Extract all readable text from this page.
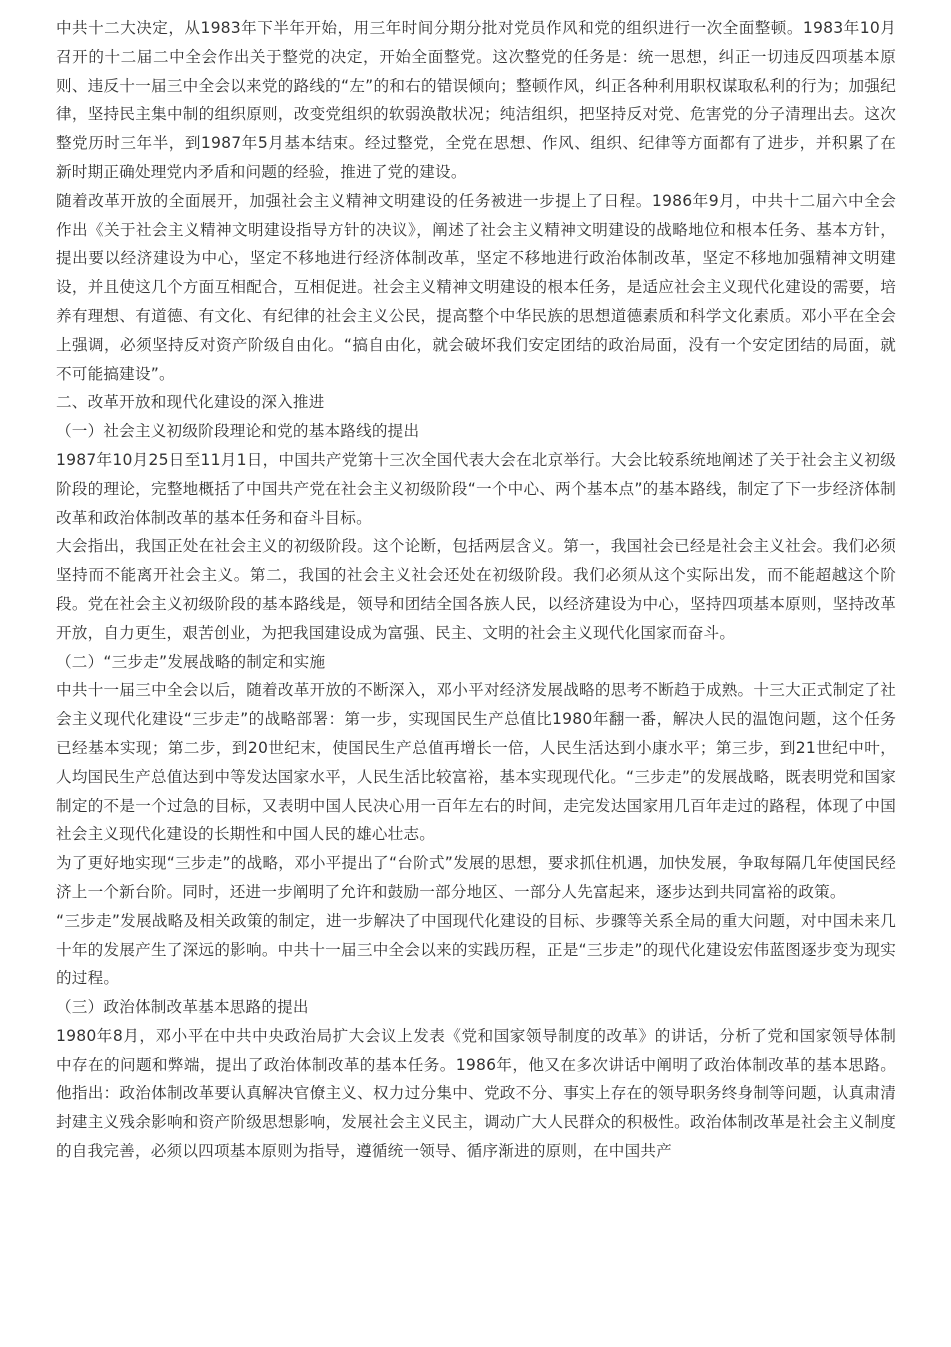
中共十二大决定，从1983年下半年开始，用三年时间分期分批对党员作风和党的组织进行一次全面整顿。1983年10月召开的十二届二中全会作出关于整党的决定，开始全面整党。这次整党的任务是：统一思想，纠正一切违反四项基本原则、违反十一届三中全会以来党的路线的“左”的和右的错误倾向；整顿作风，纠正各种利用职权谋取私利的行为；加强纪律，坚持民主集中制的组织原则，改变党组织的软弱涣散状况；纯洁组织，把坚持反对党、危害党的分子清理出去。这次整党历时三年半，到1987年5月基本结束。经过整党，全党在思想、作风、组织、纪律等方面都有了进步，并积累了在新时期正确处理党内矛盾和问题的经验，推进了党的建设。

随着改革开放的全面展开，加强社会主义精神文明建设的任务被进一步提上了日程。1986年9月，中共十二届六中全会作出《关于社会主义精神文明建设指导方针的决议》，阐述了社会主义精神文明建设的战略地位和根本任务、基本方针，提出要以经济建设为中心，坚定不移地进行经济体制改革，坚定不移地进行政治体制改革，坚定不移地加强精神文明建设，并且使这几个方面互相配合，互相促进。社会主义精神文明建设的根本任务，是适应社会主义现代化建设的需要，培养有理想、有道德、有文化、有纪律的社会主义公民，提高整个中华民族的思想道德素质和科学文化素质。邓小平在全会上强调，必须坚持反对资产阶级自由化。“搞自由化，就会破坏我们安定团结的政治局面，没有一个安定团结的局面，就不可能搞建设”。

二、改革开放和现代化建设的深入推进

（一）社会主义初级阶段理论和党的基本路线的提出

1987年10月25日至11月1日，中国共产党第十三次全国代表大会在北京举行。大会比较系统地阐述了关于社会主义初级阶段的理论，完整地概括了中国共产党在社会主义初级阶段“一个中心、两个基本点”的基本路线，制定了下一步经济体制改革和政治体制改革的基本任务和奋斗目标。

大会指出，我国正处在社会主义的初级阶段。这个论断，包括两层含义。第一，我国社会已经是社会主义社会。我们必须坚持而不能离开社会主义。第二，我国的社会主义社会还处在初级阶段。我们必须从这个实际出发，而不能超越这个阶段。党在社会主义初级阶段的基本路线是，领导和团结全国各族人民，以经济建设为中心，坚持四项基本原则，坚持改革开放，自力更生，艰苦创业，为把我国建设成为富强、民主、文明的社会主义现代化国家而奋斗。

（二）“三步走”发展战略的制定和实施

中共十一届三中全会以后，随着改革开放的不断深入，邓小平对经济发展战略的思考不断趋于成熟。十三大正式制定了社会主义现代化建设“三步走”的战略部署：第一步，实现国民生产总值比1980年翻一番，解决人民的温饱问题，这个任务已经基本实现；第二步，到20世纪末，使国民生产总值再增长一倍，人民生活达到小康水平；第三步，到21世纪中叶，人均国民生产总值达到中等发达国家水平，人民生活比较富裕，基本实现现代化。“三步走”的发展战略，既表明党和国家制定的不是一个过急的目标，又表明中国人民决心用一百年左右的时间，走完发达国家用几百年走过的路程，体现了中国社会主义现代化建设的长期性和中国人民的雄心壮志。

为了更好地实现“三步走”的战略，邓小平提出了“台阶式”发展的思想，要求抓住机遇，加快发展，争取每隔几年使国民经济上一个新台阶。同时，还进一步阐明了允许和鼓励一部分地区、一部分人先富起来，逐步达到共同富裕的政策。

“三步走”发展战略及相关政策的制定，进一步解决了中国现代化建设的目标、步骤等关系全局的重大问题，对中国未来几十年的发展产生了深远的影响。中共十一届三中全会以来的实践历程，正是“三步走”的现代化建设宏伟蓝图逐步变为现实的过程。

（三）政治体制改革基本思路的提出

1980年8月，邓小平在中共中央政治局扩大会议上发表《党和国家领导制度的改革》的讲话，分析了党和国家领导体制中存在的问题和弊端，提出了政治体制改革的基本任务。1986年，他又在多次讲话中阐明了政治体制改革的基本思路。他指出：政治体制改革要认真解决官僚主义、权力过分集中、党政不分、事实上存在的领导职务终身制等问题，认真肃清封建主义残余影响和资产阶级思想影响，发展社会主义民主，调动广大人民群众的积极性。政治体制改革是社会主义制度的自我完善，必须以四项基本原则为指导，遵循统一领导、循序渐进的原则，在中国共产
